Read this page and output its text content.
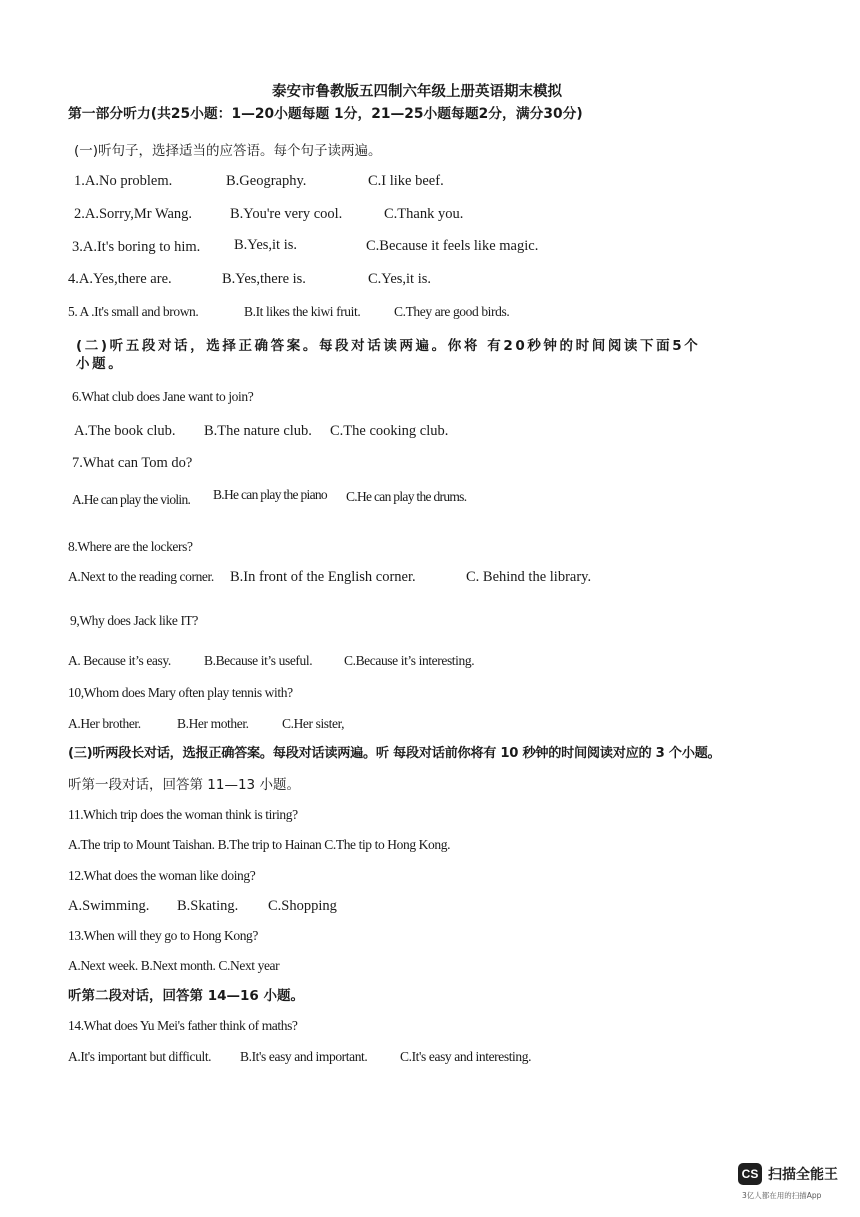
泰安市鲁教版五四制六年级上册英语期末模拟
第一部分听力(共25小题：1—20小题每题 1分，21—25小题每题2分，满分30分)
(一)听句子，选择适当的应答语。每个句子读两遍。
1.A.No problem.	B.Geography.	C.I like beef.
2.A.Sorry,Mr Wang.	B.You're very cool.	C.Thank you.
3.A.It's boring to him. B.Yes,it is.	C.Because it feels like magic.
4.A.Yes,there are.	B.Yes,there is.	C.Yes,it is.
5. A .It's small and brown.	B.It likes the kiwi fruit. C.They are good birds.
(二)听五段对话，选择正确答案。每段对话读两遍。你将 有20秒钟的时间阅读下面5个
小题。
6.What club does Jane want to join?
A.The book club. B.The nature club. C.The cooking club.
7.What can Tom do?
A.He can play the violin. B.He can play the piano C.He can play the drums.
8.Where are the lockers?
A.Next to the reading corner. B.In front of the English corner.	C. Behind the library.
9,Why does Jack like IT?
A. Because it’s easy. B.Because it’s useful. C.Because it’s interesting.
10,Whom does Mary often play tennis with?
A.Her brother.	B.Her mother. C.Her sister,
(三)听两段长对话，选报正确答案。每段对话读两遍。听 每段对话前你将有 10 秒钟的时间阅读对应的 3 个小题。
听第一段对话，回答第 11—13 小题。
11.Which trip does the woman think is tiring?
A.The trip to Mount Taishan. B.The trip to Hainan C.The tip to Hong Kong.
12.What does the woman like doing?
A.Swimming. B.Skating. C.Shopping
13.When will they go to Hong Kong?
A.Next week. B.Next month. C.Next year
听第二段对话，回答第 14—16 小题。
14.What does Yu Mei's father think of maths?
A.It's important but difficult. B.It's easy and important. C.It's easy and interesting.
CS 扫描全能王
3亿人都在用的扫描App
